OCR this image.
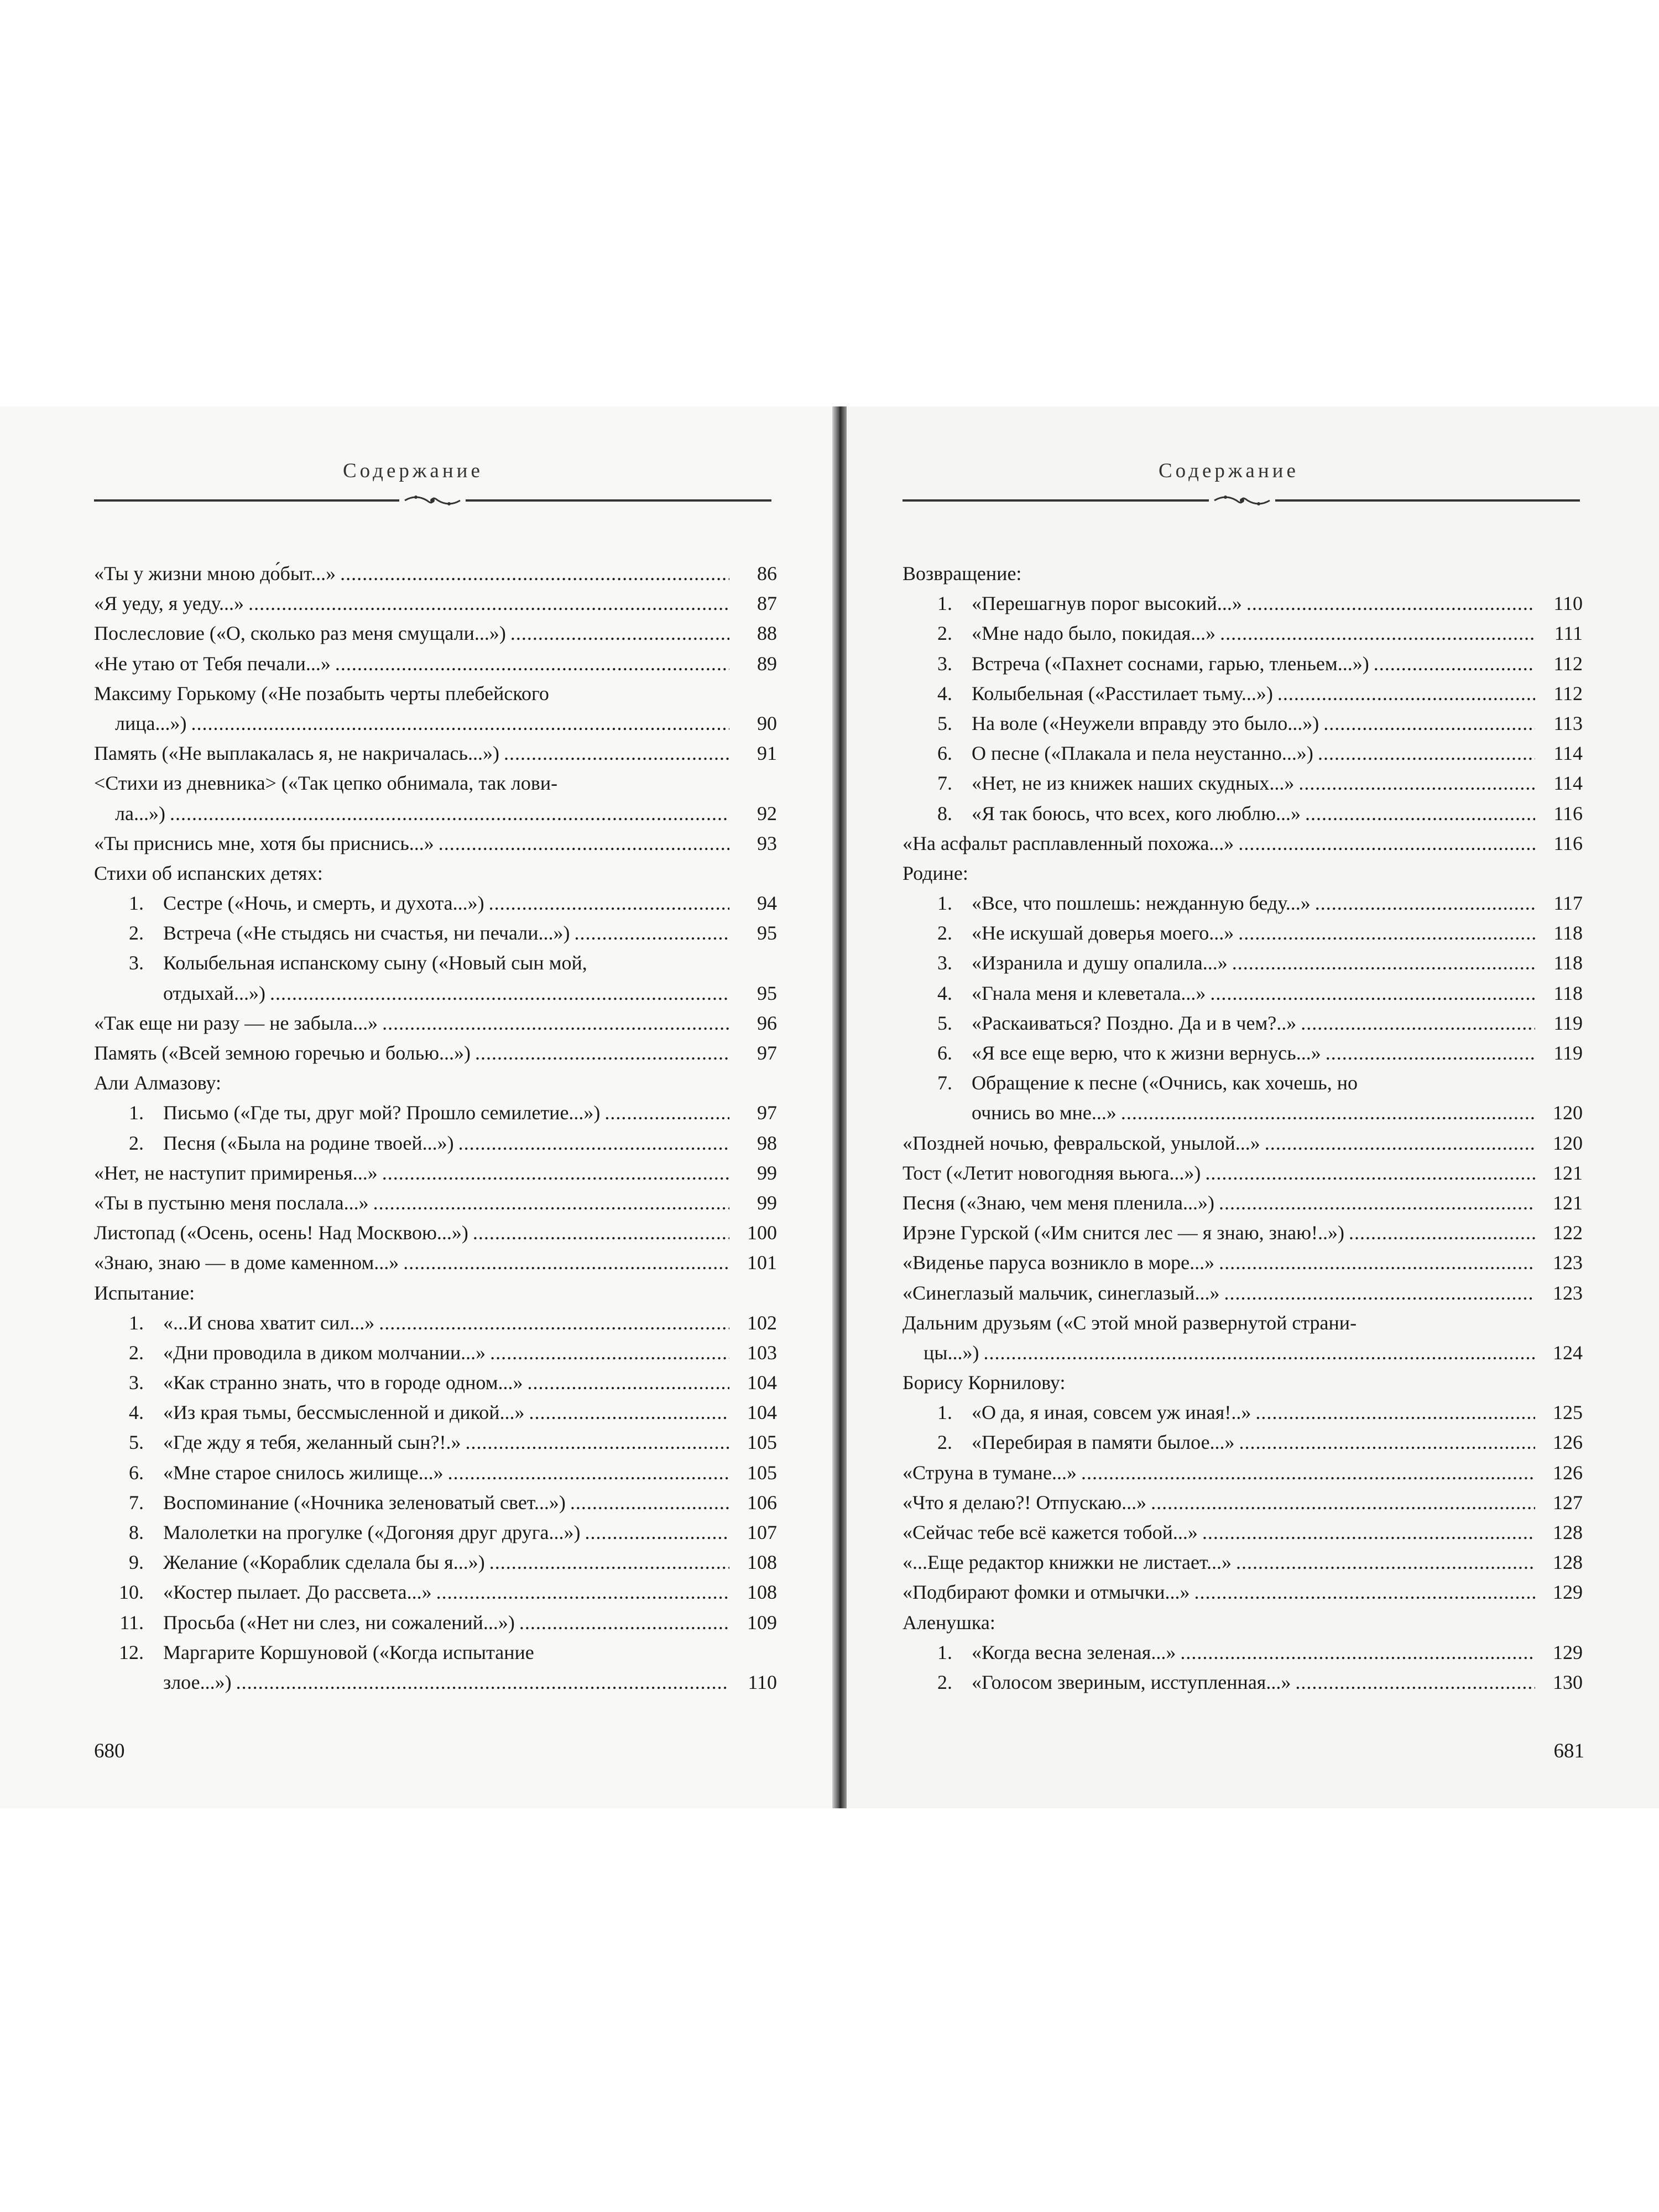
Содержание
«Ты у жизни мною до́быт...» .....	86
«Я уеду, я уеду...» .....	87
Послесловие («О, сколько раз меня смущали...») .....	88
«Не утаю от Тебя печали...» .....	89
Максиму Горькому («Не позабыть черты плебейского
лица...») .....	90
Память («Не выплакалась я, не накричалась...») .....	91
<Стихи из дневника> («Так цепко обнимала, так лови-
ла...») .....	92
«Ты приснись мне, хотя бы приснись...» .....	93
Стихи об испанских детях:
1. Сестре («Ночь, и смерть, и духота...») .....	94
2. Встреча («Не стыдясь ни счастья, ни печали...») .....	95
3. Колыбельная испанскому сыну («Новый сын мой,
отдыхай...») .....	95
«Так еще ни разу — не забыла...» .....	96
Память («Всей земною горечью и болью...») .....	97
Али Алмазову:
1. Письмо («Где ты, друг мой? Прошло семилетие...») .....	97
2. Песня («Была на родине твоей...») .....	98
«Нет, не наступит примиренья...» .....	99
«Ты в пустыню меня послала...» .....	99
Листопад («Осень, осень! Над Москвою...») .....	100
«Знаю, знаю — в доме каменном...» .....	101
Испытание:
1. «...И снова хватит сил...» .....	102
2. «Дни проводила в диком молчании...» .....	103
3. «Как странно знать, что в городе одном...» .....	104
4. «Из края тьмы, бессмысленной и дикой...» .....	104
5. «Где жду я тебя, желанный сын?!.» .....	105
6. «Мне старое снилось жилище...» .....	105
7. Воспоминание («Ночника зеленоватый свет...») .....	106
8. Малолетки на прогулке («Догоняя друг друга...») .....	107
9. Желание («Кораблик сделала бы я...») .....	108
10. «Костер пылает. До рассвета...» .....	108
11. Просьба («Нет ни слез, ни сожалений...») .....	109
12. Маргарите Коршуновой («Когда испытание
злое...») .....	110
680
Содержание
Возвращение:
1. «Перешагнув порог высокий...» .....	110
2. «Мне надо было, покидая...» .....	111
3. Встреча («Пахнет соснами, гарью, тленьем...») .....	112
4. Колыбельная («Расстилает тьму...») .....	112
5. На воле («Неужели вправду это было...») .....	113
6. О песне («Плакала и пела неустанно...») .....	114
7. «Нет, не из книжек наших скудных...» .....	114
8. «Я так боюсь, что всех, кого люблю...» .....	116
«На асфальт расплавленный похожа...» .....	116
Родине:
1. «Все, что пошлешь: нежданную беду...» .....	117
2. «Не искушай доверья моего...» .....	118
3. «Изранила и душу опалила...» .....	118
4. «Гнала меня и клеветала...» .....	118
5. «Раскаиваться? Поздно. Да и в чем?..» .....	119
6. «Я все еще верю, что к жизни вернусь...» .....	119
7. Обращение к песне («Очнись, как хочешь, но
очнись во мне...» .....	120
«Поздней ночью, февральской, унылой...» .....	120
Тост («Летит новогодняя вьюга...») .....	121
Песня («Знаю, чем меня пленила...») .....	121
Ирэне Гурской («Им снится лес — я знаю, знаю!..») .....	122
«Виденье паруса возникло в море...» .....	123
«Синеглазый мальчик, синеглазый...» .....	123
Дальним друзьям («С этой мной развернутой страни-
цы...») .....	124
Борису Корнилову:
1. «О да, я иная, совсем уж иная!..» .....	125
2. «Перебирая в памяти былое...» .....	126
«Струна в тумане...» .....	126
«Что я делаю?! Отпускаю...» .....	127
«Сейчас тебе всё кажется тобой...» .....	128
«...Еще редактор книжки не листает...» .....	128
«Подбирают фомки и отмычки...» .....	129
Аленушка:
1. «Когда весна зеленая...» .....	129
2. «Голосом звериным, исступленная...» .....	130
681
